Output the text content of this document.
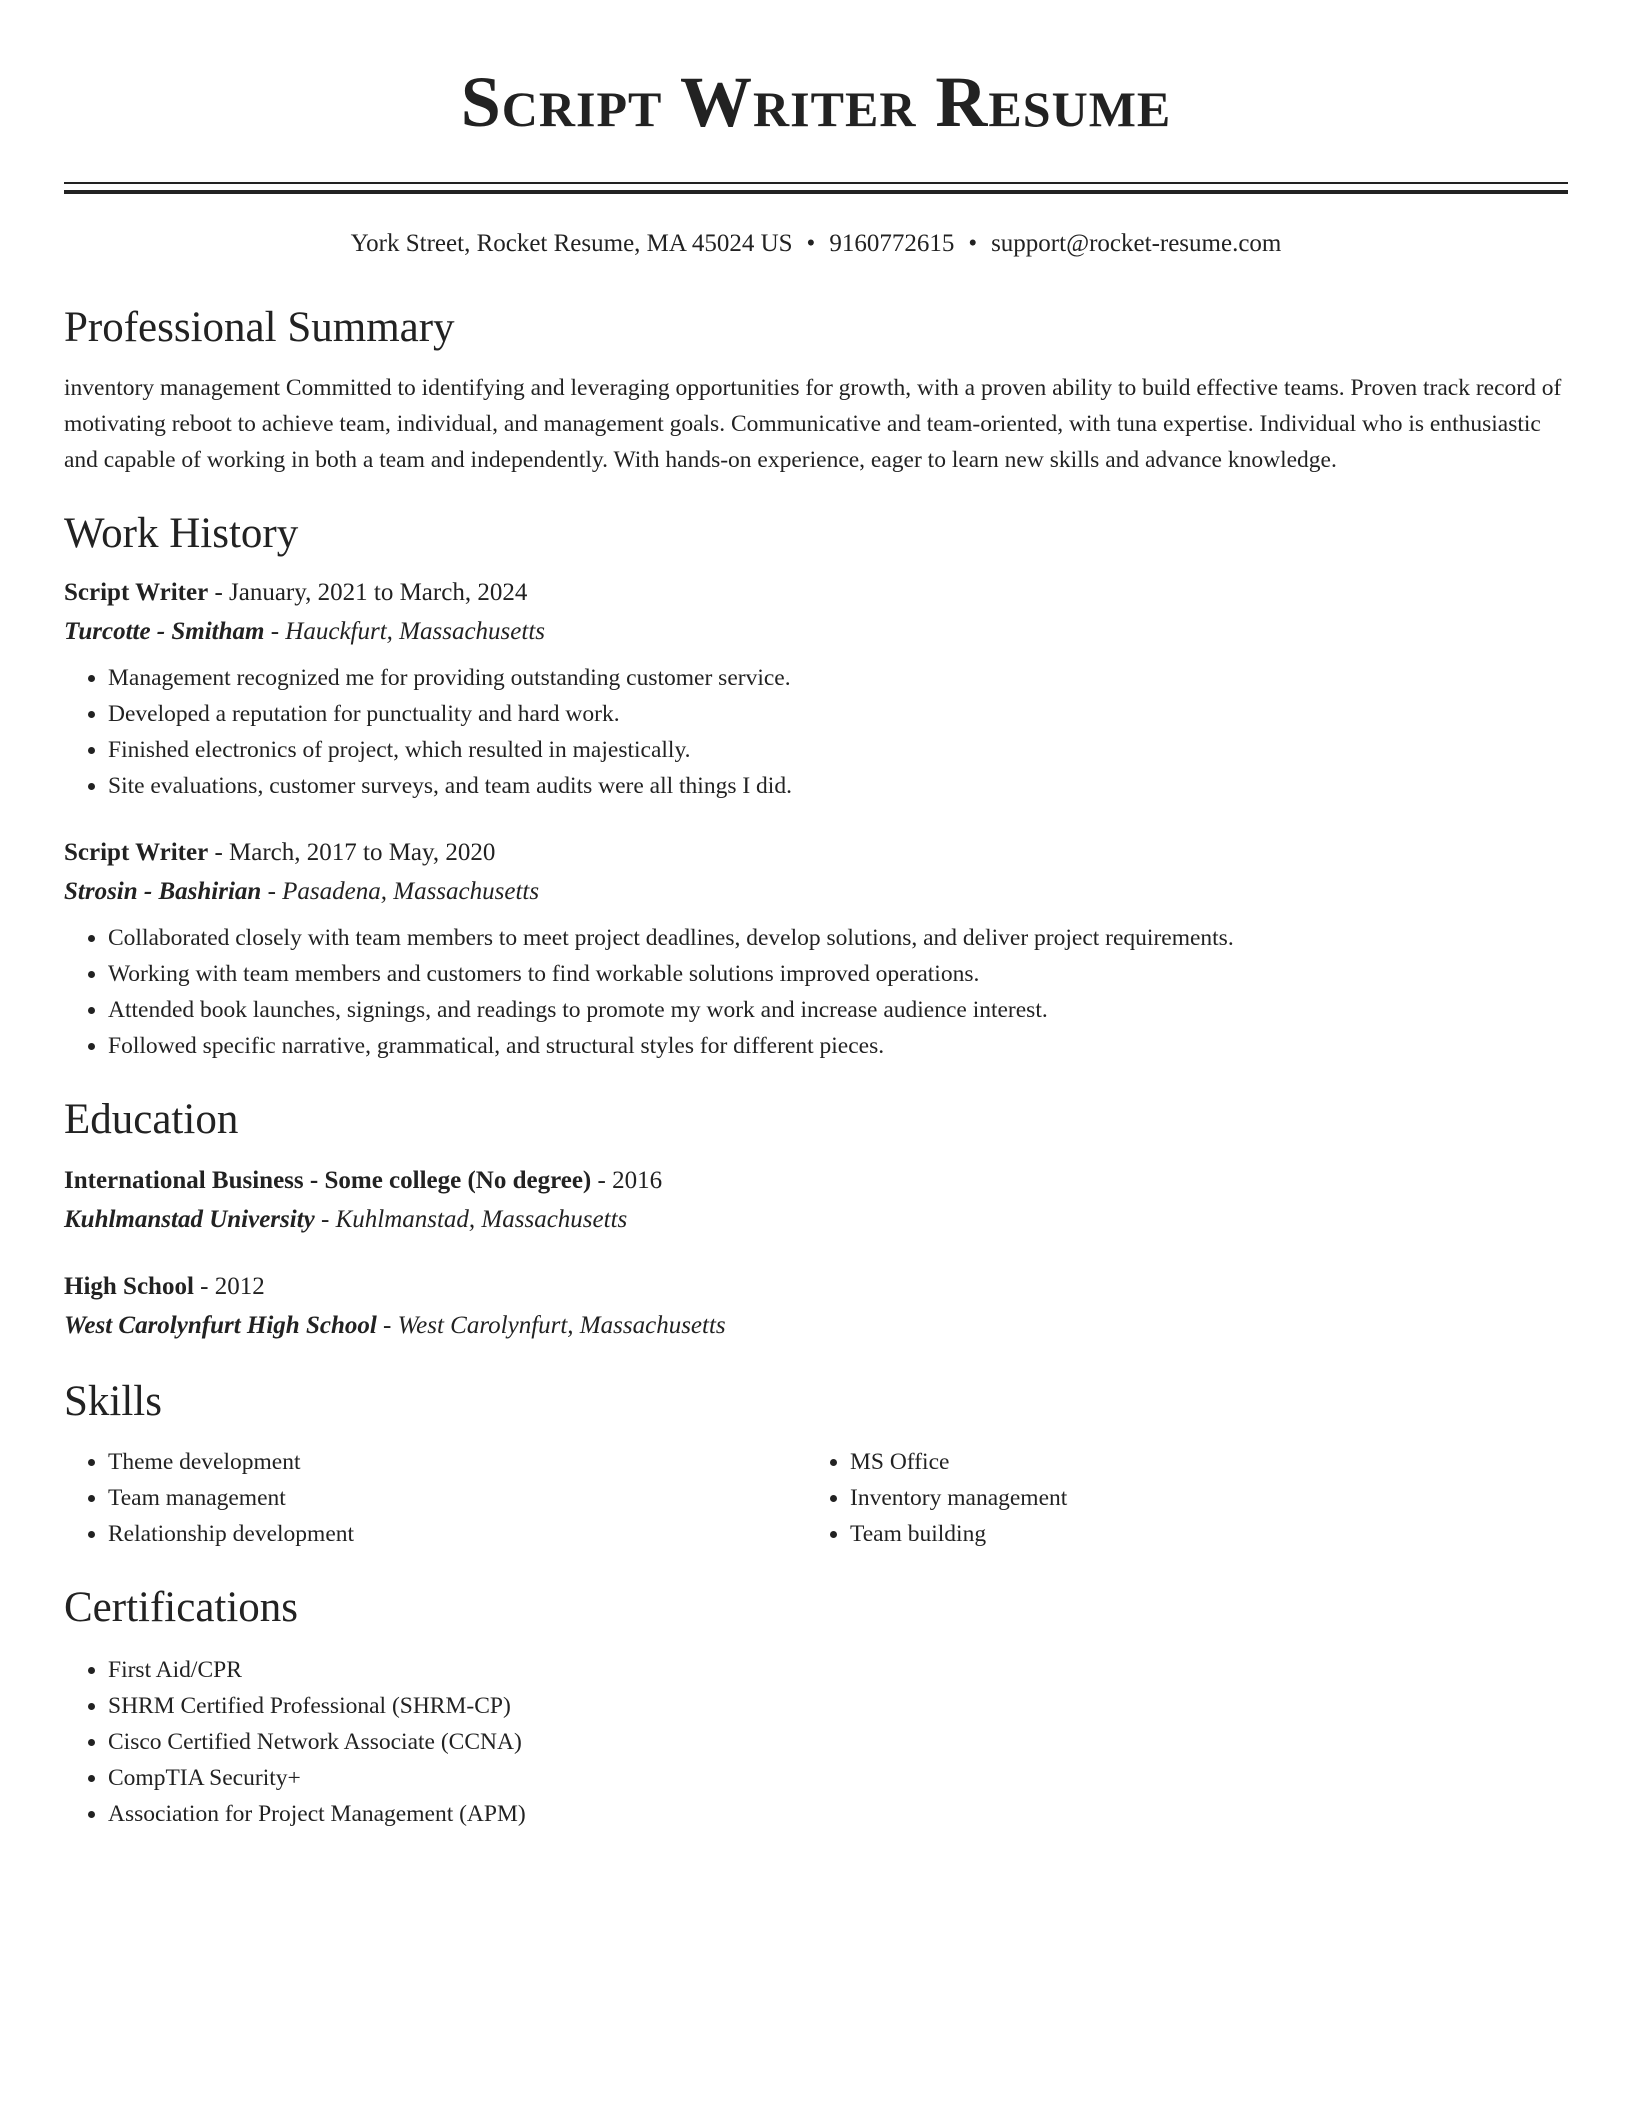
Script Writer Resume
York Street, Rocket Resume, MA 45024 US • 9160772615 • support@rocket-resume.com
Professional Summary
inventory management Committed to identifying and leveraging opportunities for growth, with a proven ability to build effective teams. Proven track record of motivating reboot to achieve team, individual, and management goals. Communicative and team-oriented, with tuna expertise. Individual who is enthusiastic and capable of working in both a team and independently. With hands-on experience, eager to learn new skills and advance knowledge.
Work History
Script Writer - January, 2021 to March, 2024
Turcotte - Smitham - Hauckfurt, Massachusetts
• Management recognized me for providing outstanding customer service.
• Developed a reputation for punctuality and hard work.
• Finished electronics of project, which resulted in majestically.
• Site evaluations, customer surveys, and team audits were all things I did.
Script Writer - March, 2017 to May, 2020
Strosin - Bashirian - Pasadena, Massachusetts
• Collaborated closely with team members to meet project deadlines, develop solutions, and deliver project requirements.
• Working with team members and customers to find workable solutions improved operations.
• Attended book launches, signings, and readings to promote my work and increase audience interest.
• Followed specific narrative, grammatical, and structural styles for different pieces.
Education
International Business - Some college (No degree) - 2016
Kuhlmanstad University - Kuhlmanstad, Massachusetts
High School - 2012
West Carolynfurt High School - West Carolynfurt, Massachusetts
Skills
• Theme development
• Team management
• Relationship development
• MS Office
• Inventory management
• Team building
Certifications
• First Aid/CPR
• SHRM Certified Professional (SHRM-CP)
• Cisco Certified Network Associate (CCNA)
• CompTIA Security+
• Association for Project Management (APM)
